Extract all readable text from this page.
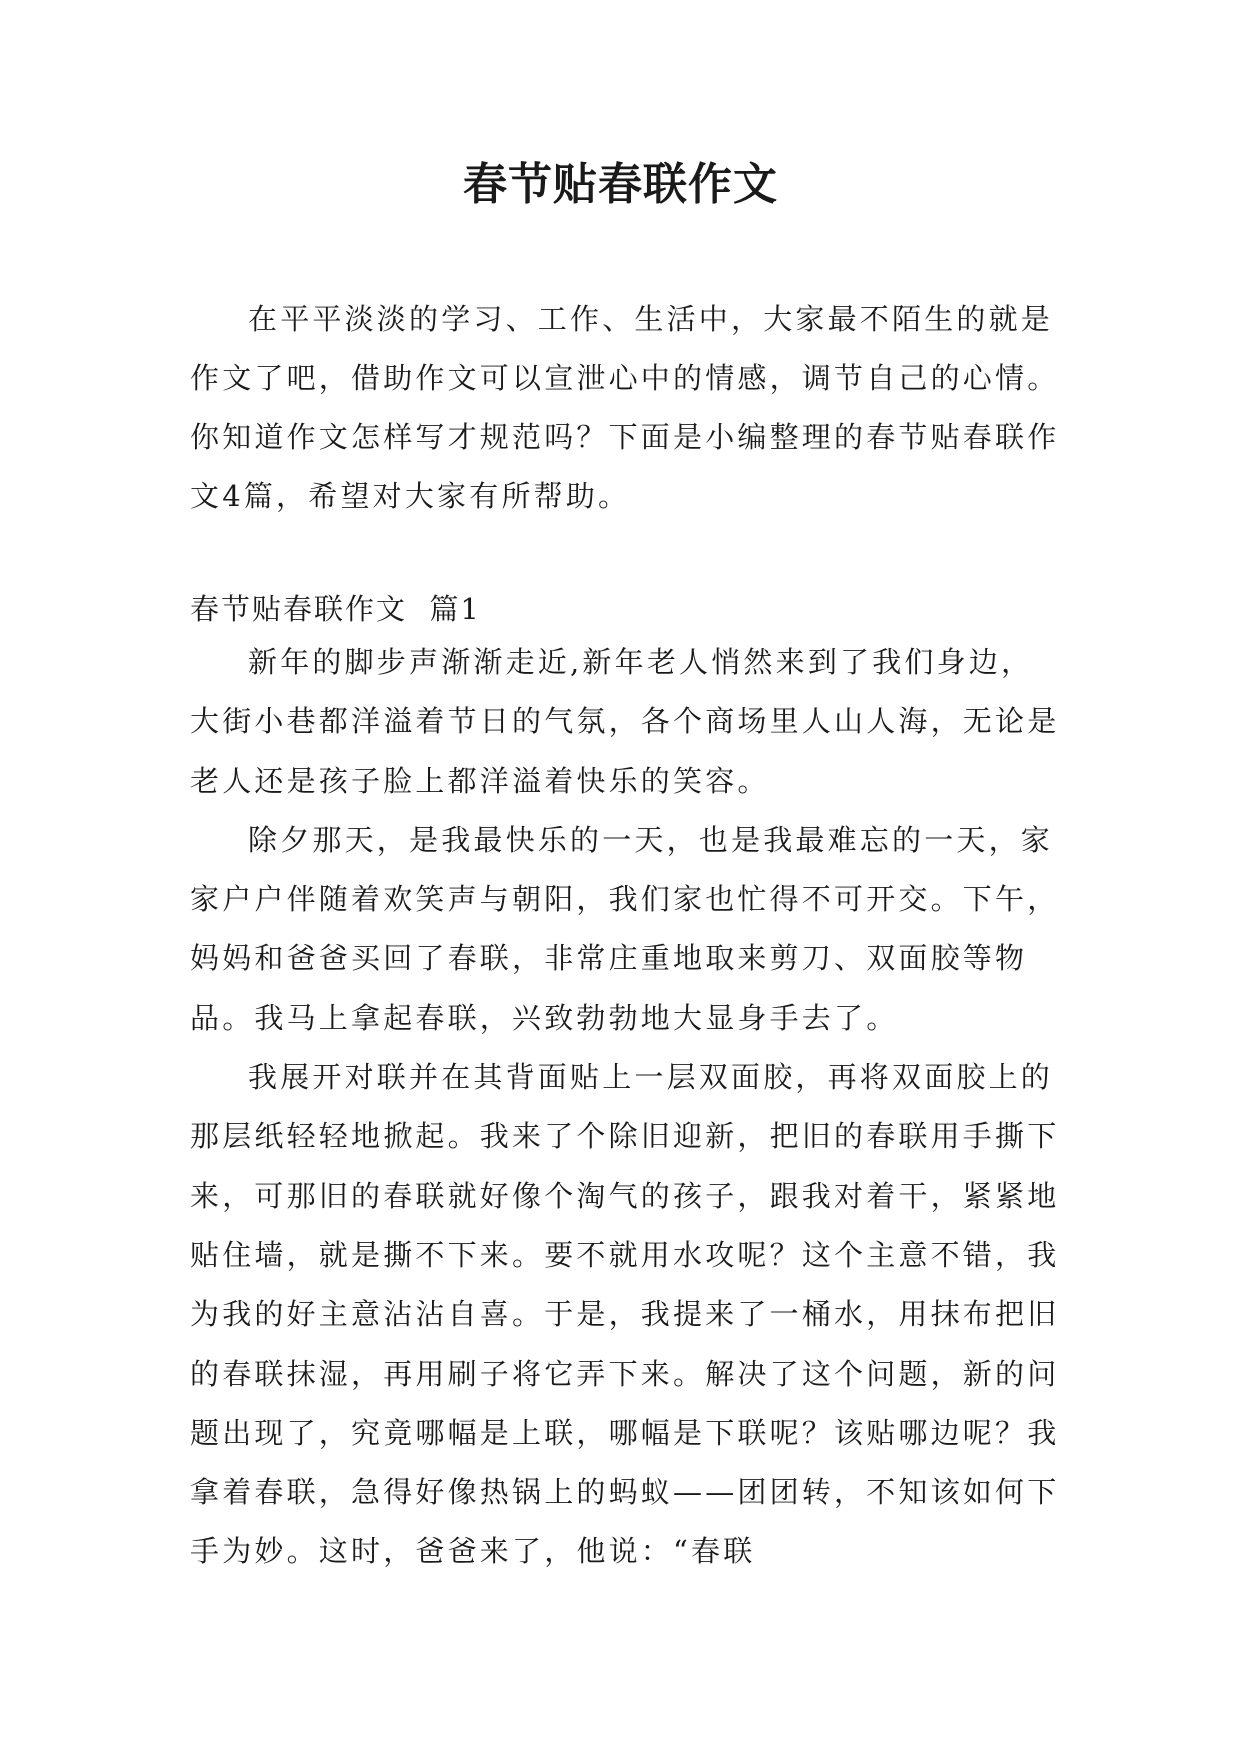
春节贴春联作文

在平平淡淡的学习、工作、生活中，大家最不陌生的就是作文了吧，借助作文可以宣泄心中的情感，调节自己的心情。你知道作文怎样写才规范吗？下面是小编整理的春节贴春联作文4篇，希望对大家有所帮助。

春节贴春联作文  篇1

新年的脚步声渐渐走近,新年老人悄然来到了我们身边，大街小巷都洋溢着节日的气氛，各个商场里人山人海，无论是老人还是孩子脸上都洋溢着快乐的笑容。

除夕那天，是我最快乐的一天，也是我最难忘的一天，家家户户伴随着欢笑声与朝阳，我们家也忙得不可开交。下午，妈妈和爸爸买回了春联，非常庄重地取来剪刀、双面胶等物品。我马上拿起春联，兴致勃勃地大显身手去了。

我展开对联并在其背面贴上一层双面胶，再将双面胶上的那层纸轻轻地掀起。我来了个除旧迎新，把旧的春联用手撕下来，可那旧的春联就好像个淘气的孩子，跟我对着干，紧紧地贴住墙，就是撕不下来。要不就用水攻呢？这个主意不错，我为我的好主意沾沾自喜。于是，我提来了一桶水，用抹布把旧的春联抹湿，再用刷子将它弄下来。解决了这个问题，新的问题出现了，究竟哪幅是上联，哪幅是下联呢？该贴哪边呢？我拿着春联，急得好像热锅上的蚂蚁——团团转，不知该如何下手为妙。这时，爸爸来了，他说：“春联
